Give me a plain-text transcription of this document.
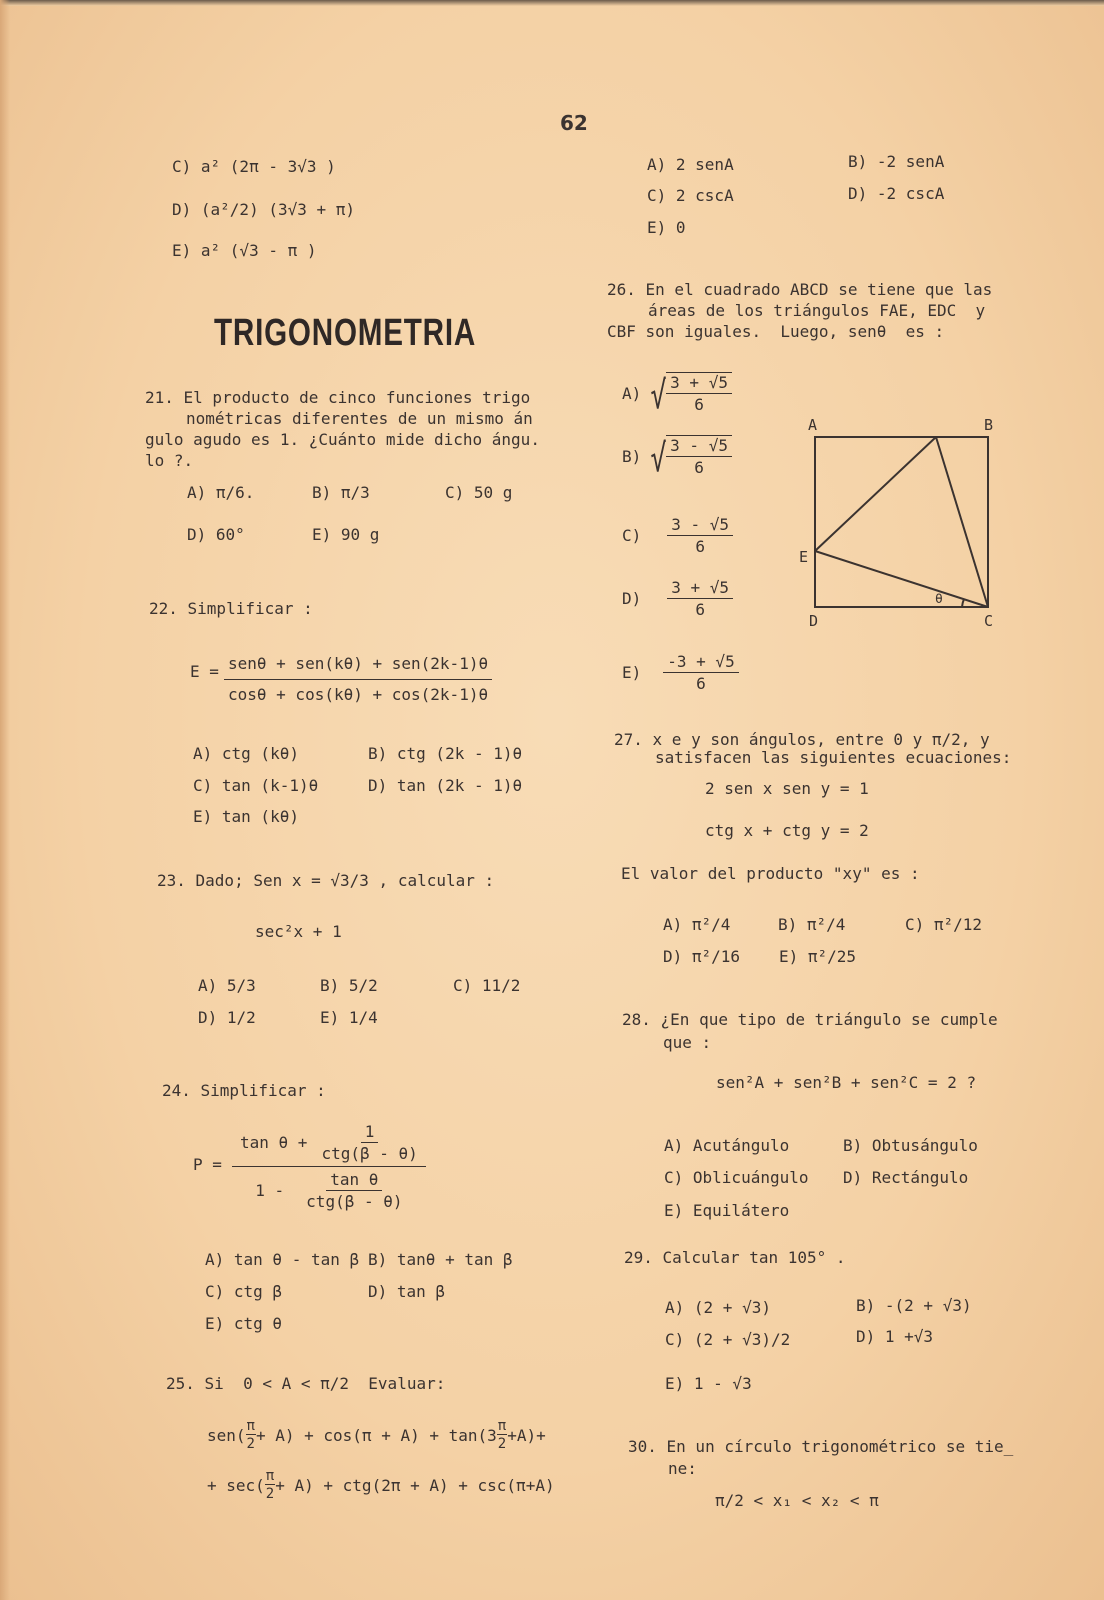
62
C) a² (2π - 3√3 )
D) (a²/2) (3√3 + π)
E) a² (√3 - π )
TRIGONOMETRIA
21. El producto de cinco funciones trigo
nométricas diferentes de un mismo án
gulo agudo es 1. ¿Cuánto mide dicho ángu.
lo ?.
A) π/6.	B) π/3	C) 50 g
D) 60°	E) 90 g
22. Simplificar :
$E = \frac{\text{senθ + sen(kθ) + sen(2k-1)θ}}{\cos\theta + \cos(k\theta) + \cos(2k-1)\theta}$
A) ctg (kθ)	B) ctg (2k - 1)θ
C) tan (k-1)θ	D) tan (2k - 1)θ
E) tan (kθ)
23. Dado; Sen x = √3/3 , calcular :
sec²x + 1
A) 5/3	B) 5/2	C) 11/2
D) 1/2	E) 1/4
24. Simplificar :
$P = \frac{\tan \theta + \frac{1}{\text{ctg(β - θ)}}}{1 - \frac{\text{tan θ}}{\text{ctg(β - θ)}}}$
A) tan θ - tan β B) tanθ + tan β
C) ctg β	D) tan β
E) ctg θ
25. Si  0 < A < π/2  Evaluar:
$sen( \frac{\pi}{2} + A) + \cos(\pi + A) + \tan(3 \frac{\pi}{2} +A)+$
+ $\sec( \frac{\pi}{2} + A) + ctg(2\pi + A) + \csc(\pi+A)$
A) 2 senA	B) -2 senA
C) 2 cscA	D) -2 cscA
E) 0
26. En el cuadrado ABCD se tiene que las
áreas de los triángulos FAE, EDC  y
CBF son iguales.  Luego, senθ  es :
A) √ $\frac{3 + √5}{6}$
B) √ $\frac{3 - √5}{6}$
$C) \frac{3 - √5}{6}$
$D) \frac{3 + √5}{6}$
$E) \frac{-3 + √5}{6}$
A	B
E
D	C
θ
27. x e y son ángulos, entre 0 y π/2, y
satisfacen las siguientes ecuaciones:
2 sen x sen y = 1
ctg x + ctg y = 2
El valor del producto "xy" es :
A) π²/4	B) π²/4	C) π²/12
D) π²/16 E) π²/25
28. ¿En que tipo de triángulo se cumple
que :
sen²A + sen²B + sen²C = 2 ?
A) Acutángulo	B) Obtusángulo
C) Oblicuángulo D) Rectángulo
E) Equilátero
29. Calcular tan 105° .
A) (2 + √3)	B) -(2 + √3)
C) (2 + √3)/2	D) 1 +√3
E) 1 - √3
30. En un círculo trigonométrico se tie_
ne:
π/2 < x₁ < x₂ < π
